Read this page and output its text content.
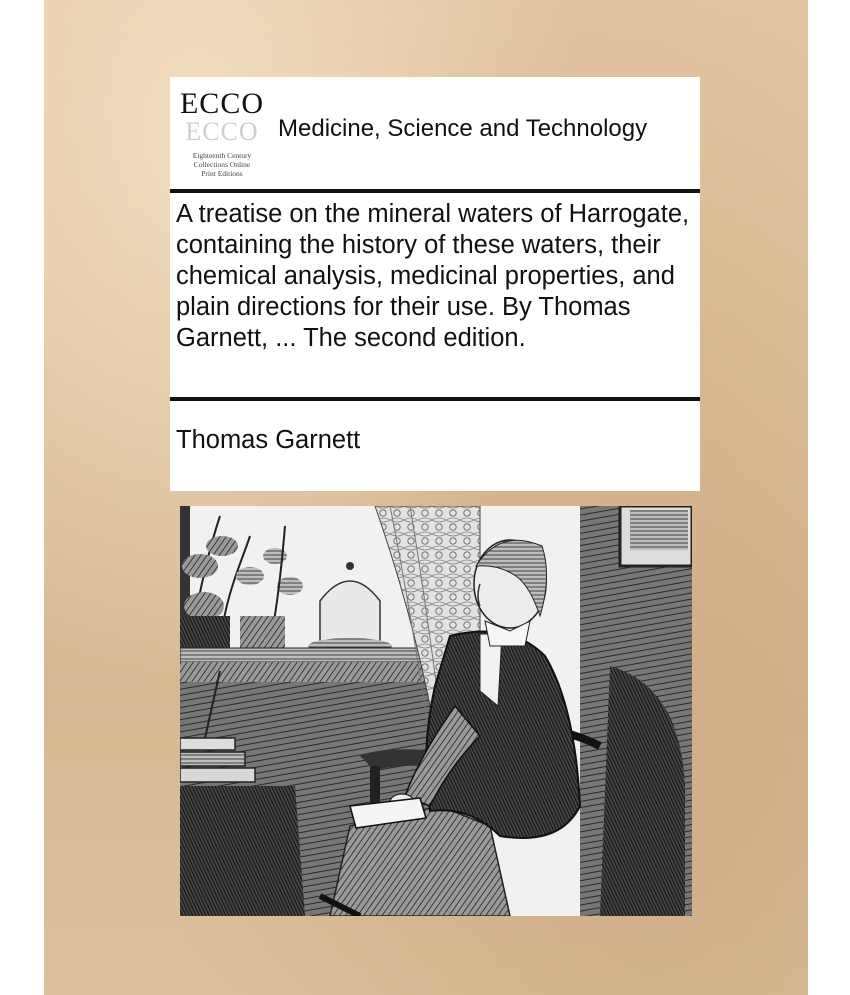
ECCO
ECCO
Eighteenth Century
Collections Online
Print Editions
Medicine, Science and Technology
A treatise on the mineral waters of Harrogate, containing the history of these waters, their chemical analysis, medicinal properties, and plain directions for their use. By Thomas Garnett, ... The second edition.
Thomas Garnett
